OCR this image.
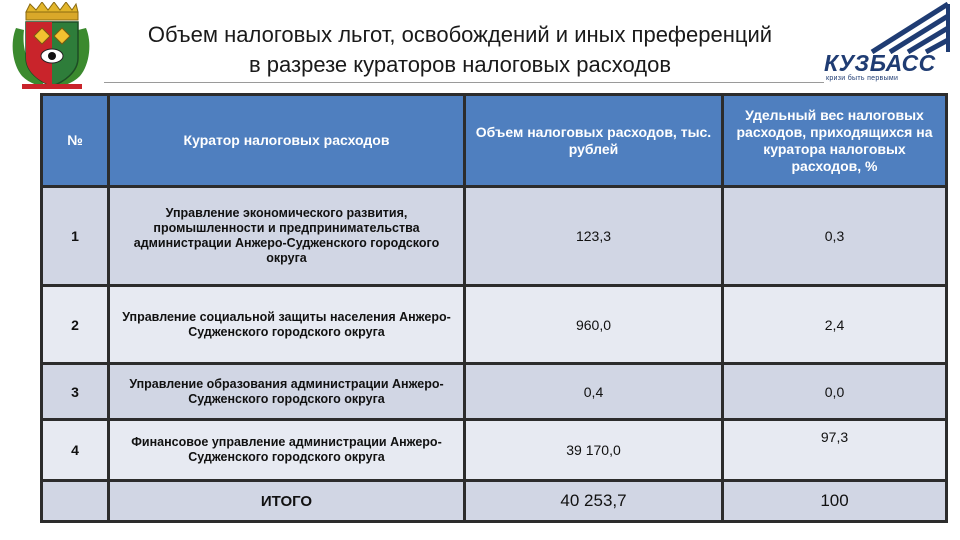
Объем налоговых льгот, освобождений и иных преференций
в разрезе кураторов налоговых расходов	КУЗБАСС
кризи быть первыми
№	Куратор налоговых расходов	Объем налоговых расходов, тыс. рублей	Удельный вес налоговых расходов, приходящихся на куратора налоговых расходов, %
1	Управление экономического развития, промышленности и предпринимательства администрации Анжеро-Судженского городского округа	123,3	0,3
2	Управление социальной защиты населения Анжеро-Судженского городского округа	960,0	2,4
3	Управление образования администрации Анжеро-Судженского городского округа	0,4	0,0
4	Финансовое управление администрации Анжеро-Судженского городского округа	39 170,0	97,3
	ИТОГО	40 253,7	100
